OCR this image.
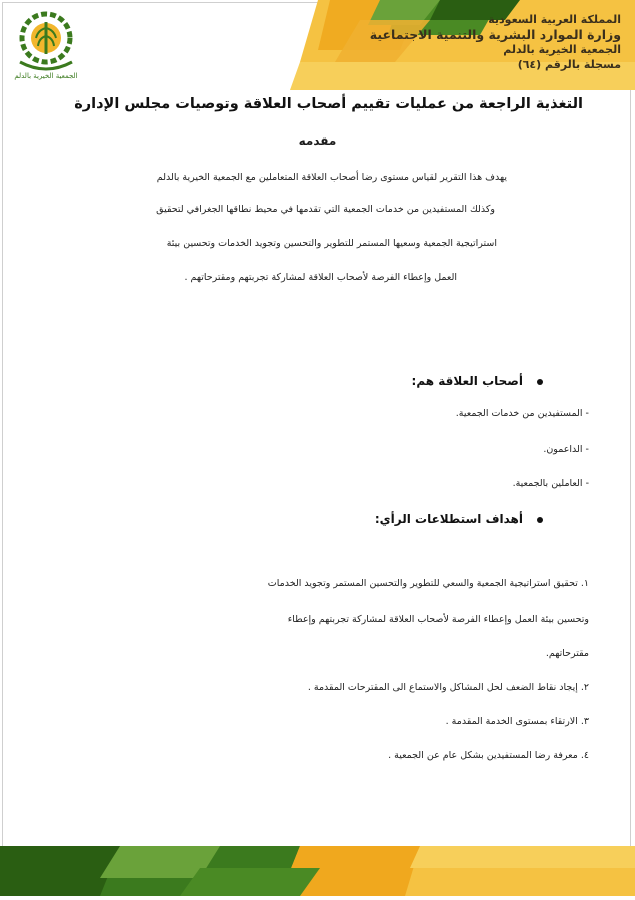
الجمعية الخيرية بالدلم
المملكة العربية السعودية
وزارة الموارد البشرية والتنمية الاجتماعية
الجمعية الخيرية بالدلم
مسجلة بالرقم (٦٤)
التغذية الراجعة من عمليات تقييم أصحاب العلاقة وتوصيات مجلس الإدارة
مقدمه
يهدف هذا التقرير لقياس مستوى رضا أصحاب العلاقة المتعاملين مع الجمعية الخيرية بالدلم
وكذلك المستفيدين من خدمات الجمعية التي تقدمها في محيط نطاقها الجغرافي لتحقيق
استراتيجية الجمعية وسعيها المستمر للتطوير والتحسين وتجويد الخدمات وتحسين بيئة
العمل وإعطاء الفرصة لأصحاب العلاقة لمشاركة تجربتهم ومقترحاتهم .
أصحاب العلاقة هم:
- المستفيدين من خدمات الجمعية.
- الداعمون.
- العاملين بالجمعية.
أهداف استطلاعات الرأي:
١. تحقيق استراتيجية الجمعية والسعي للتطوير والتحسين المستمر وتجويد الخدمات
وتحسين بيئة العمل وإعطاء الفرصة لأصحاب العلاقة لمشاركة تجربتهم وإعطاء
مقترحاتهم.
٢. إيجاد نقاط الضعف لحل المشاكل والاستماع الى المقترحات المقدمة .
٣. الارتقاء بمستوى الخدمة المقدمة .
٤. معرفة رضا المستفيدين بشكل عام عن الجمعية .
